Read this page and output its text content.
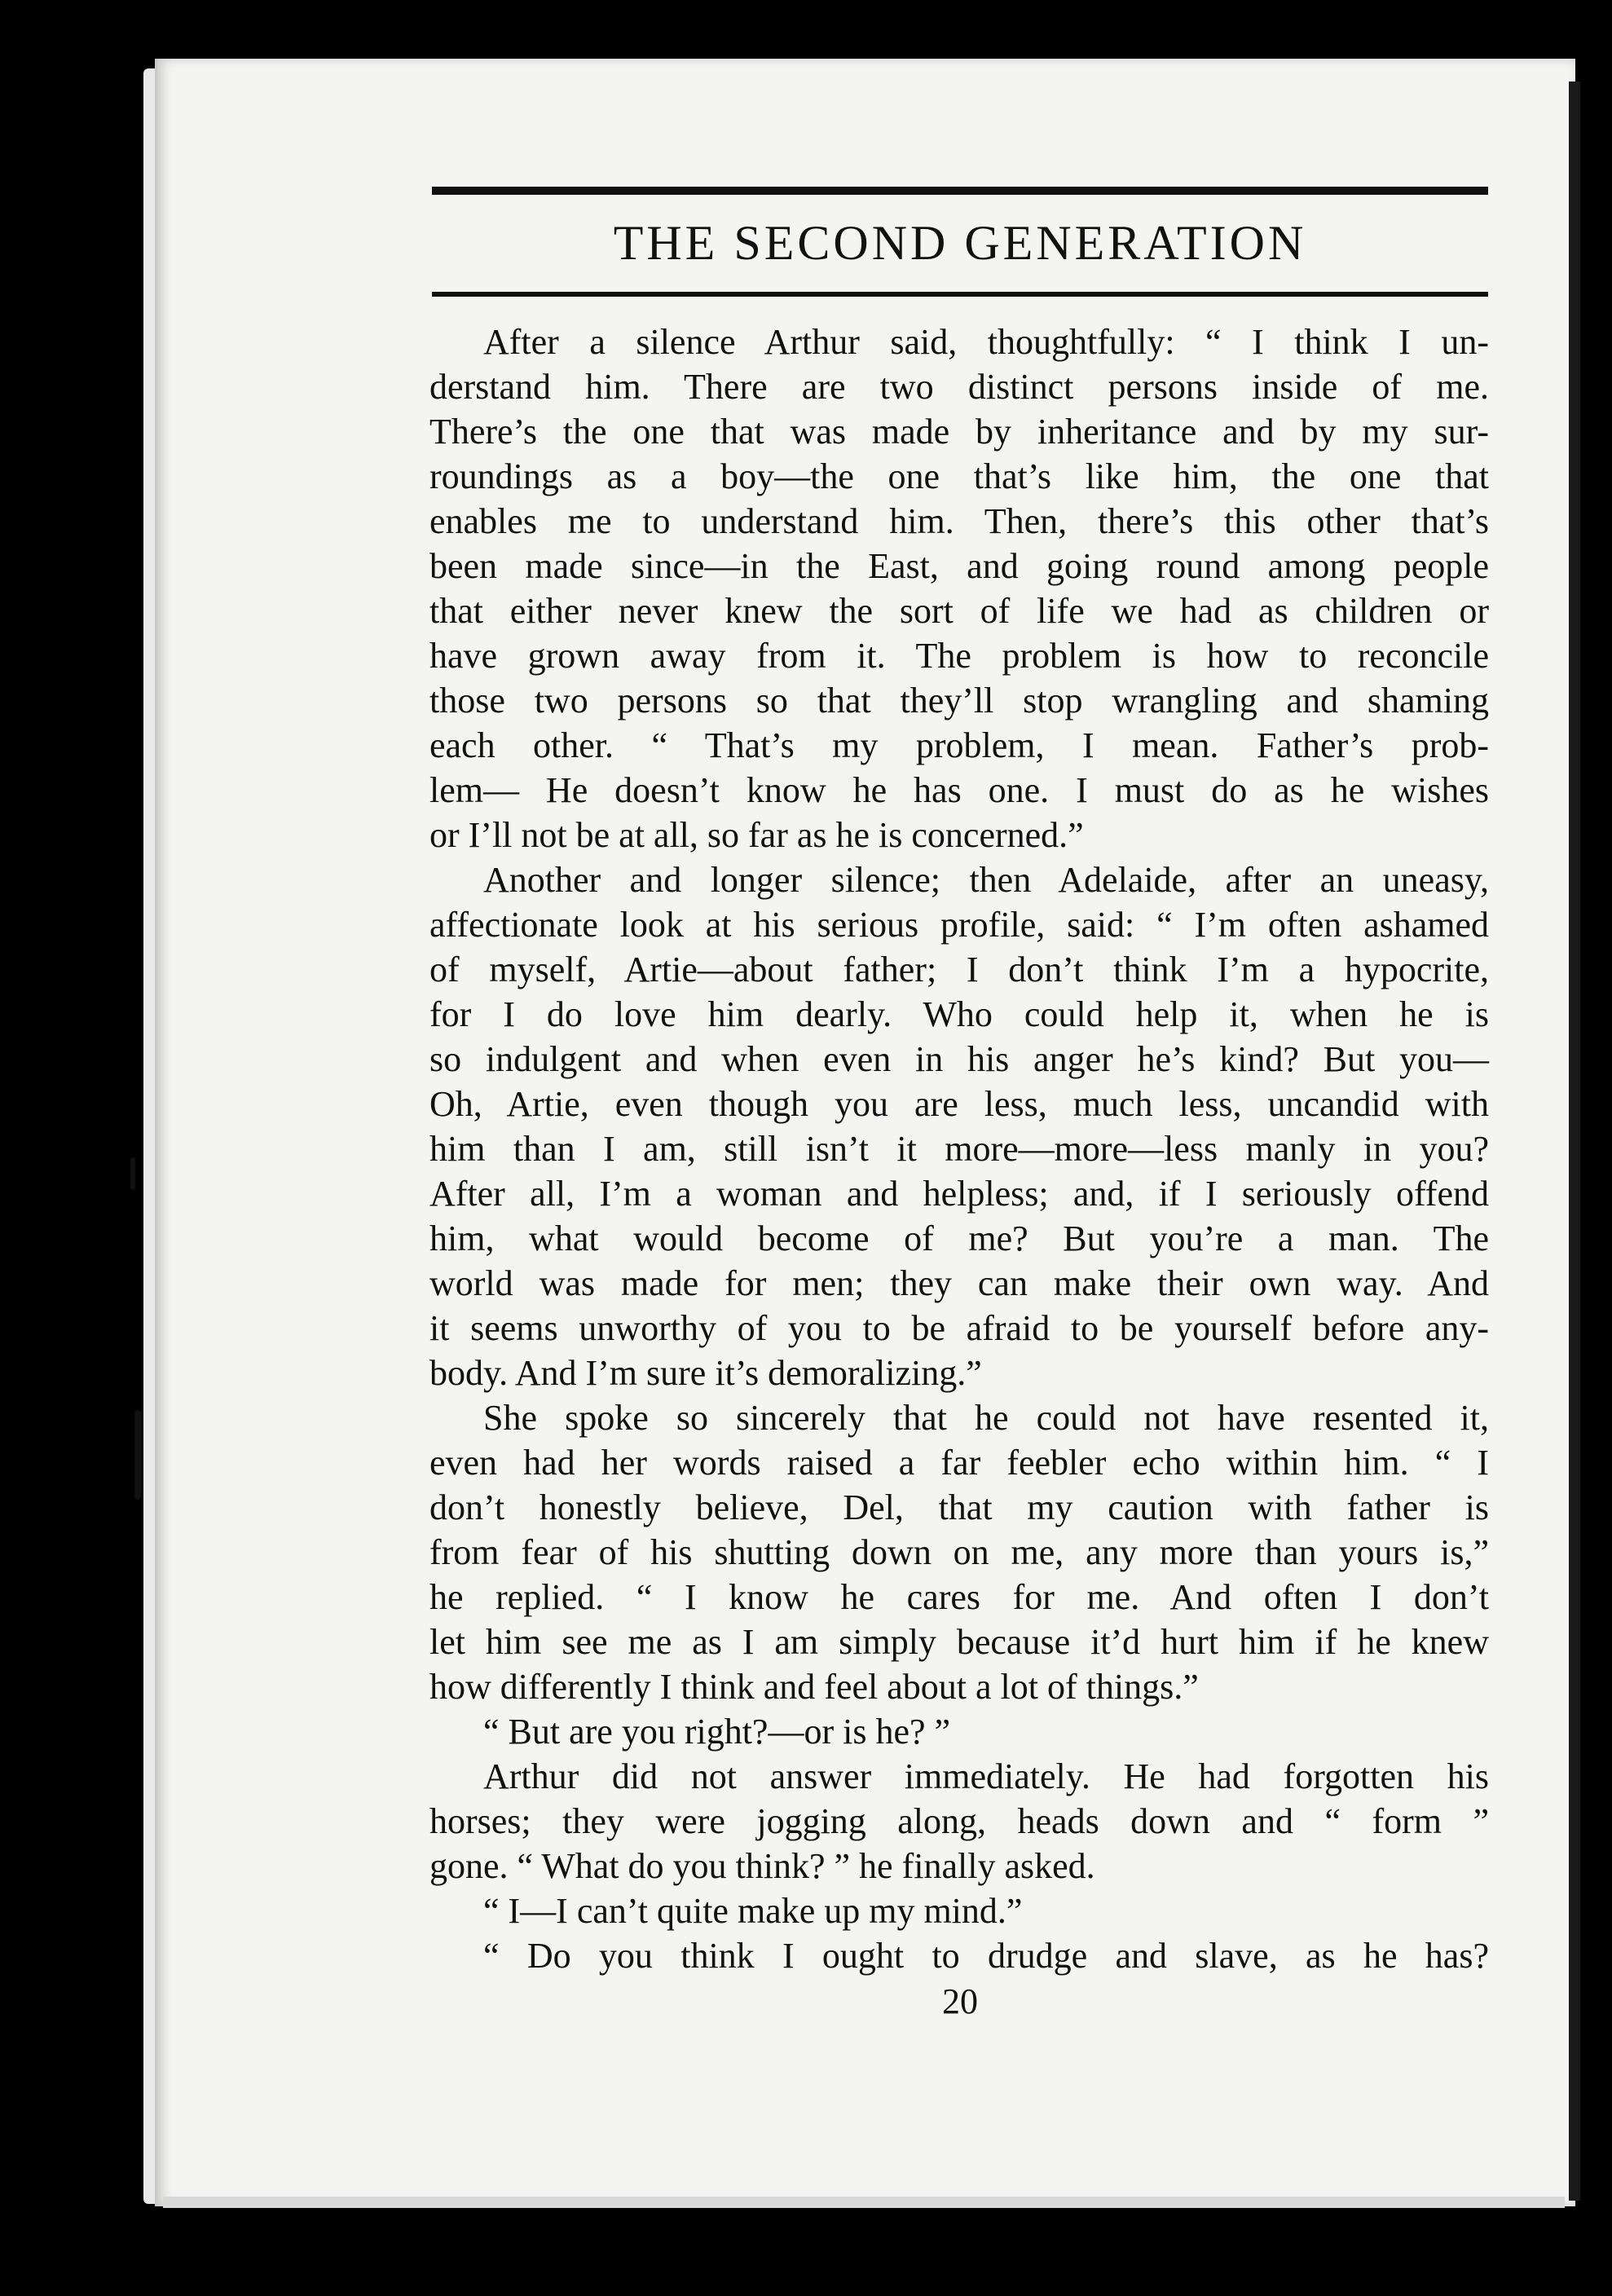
THE SECOND GENERATION
After a silence Arthur said, thoughtfully: “ I think I un-
derstand him. There are two distinct persons inside of me.
There’s the one that was made by inheritance and by my sur-
roundings as a boy—the one that’s like him, the one that
enables me to understand him. Then, there’s this other that’s
been made since—in the East, and going round among people
that either never knew the sort of life we had as children or
have grown away from it. The problem is how to reconcile
those two persons so that they’ll stop wrangling and shaming
each other. “ That’s my problem, I mean. Father’s prob-
lem— He doesn’t know he has one. I must do as he wishes
or I’ll not be at all, so far as he is concerned.”
Another and longer silence; then Adelaide, after an uneasy,
affectionate look at his serious profile, said: “ I’m often ashamed
of myself, Artie—about father; I don’t think I’m a hypocrite,
for I do love him dearly. Who could help it, when he is
so indulgent and when even in his anger he’s kind? But you—
Oh, Artie, even though you are less, much less, uncandid with
him than I am, still isn’t it more—more—less manly in you?
After all, I’m a woman and helpless; and, if I seriously offend
him, what would become of me? But you’re a man. The
world was made for men; they can make their own way. And
it seems unworthy of you to be afraid to be yourself before any-
body. And I’m sure it’s demoralizing.”
She spoke so sincerely that he could not have resented it,
even had her words raised a far feebler echo within him. “ I
don’t honestly believe, Del, that my caution with father is
from fear of his shutting down on me, any more than yours is,”
he replied. “ I know he cares for me. And often I don’t
let him see me as I am simply because it’d hurt him if he knew
how differently I think and feel about a lot of things.”
“ But are you right?—or is he? ”
Arthur did not answer immediately. He had forgotten his
horses; they were jogging along, heads down and “ form ”
gone. “ What do you think? ” he finally asked.
“ I—I can’t quite make up my mind.”
“ Do you think I ought to drudge and slave, as he has?
20
